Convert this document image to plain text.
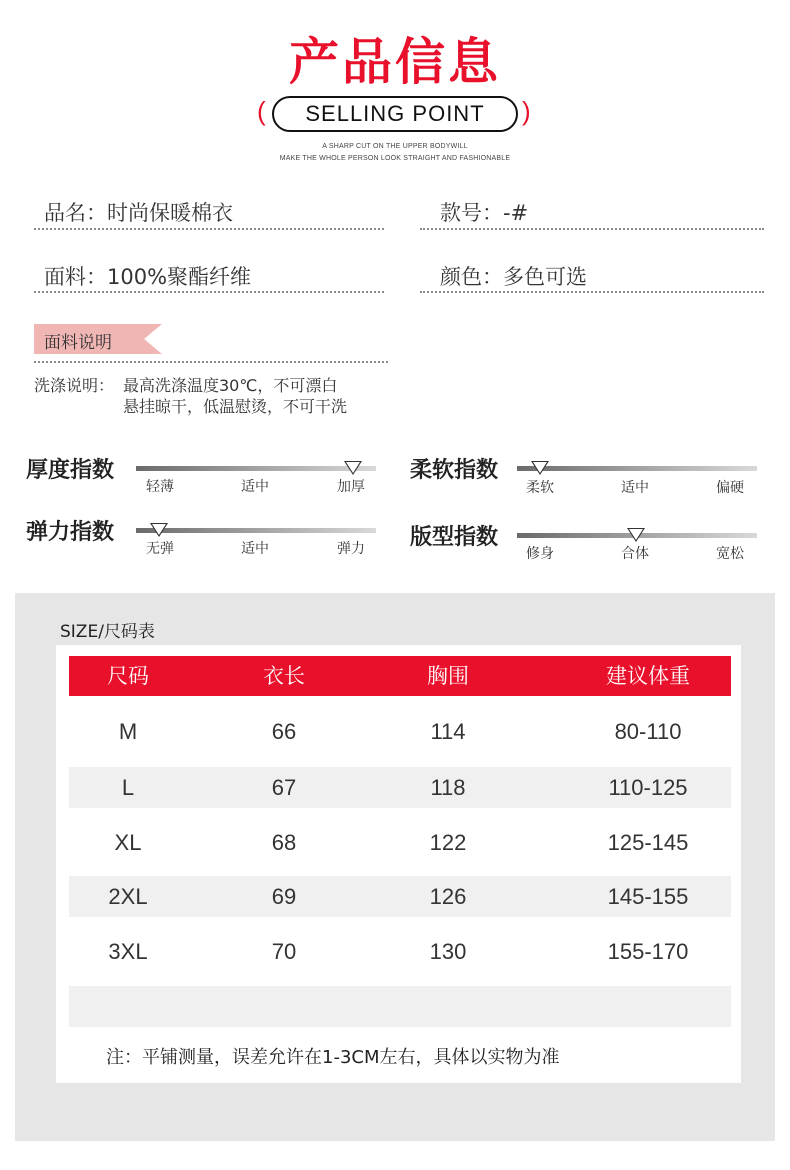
产品信息
(	SELLING POINT	)
A SHARP CUT ON THE UPPER BODYWILL
MAKE THE WHOLE PERSON LOOK STRAIGHT AND FASHIONABLE
品名：时尚保暖棉衣	款号：-#
面料：100%聚酯纤维	颜色：多色可选
面料说明
洗涤说明： 最高洗涤温度30℃，不可漂白
悬挂晾干，低温慰烫，不可干洗
厚度指数
轻薄	适中	加厚
柔软指数
柔软	适中	偏硬
弹力指数
无弹	适中	弹力 版型指数
修身	合体	宽松
SIZE/尺码表
尺码	衣长	胸围	建议体重
M	66	114	80-110
L	67	118	110-125
XL	68	122	125-145
2XL	69	126	145-155
3XL	70	130	155-170
注：平铺测量，误差允许在1-3CM左右，具体以实物为准
